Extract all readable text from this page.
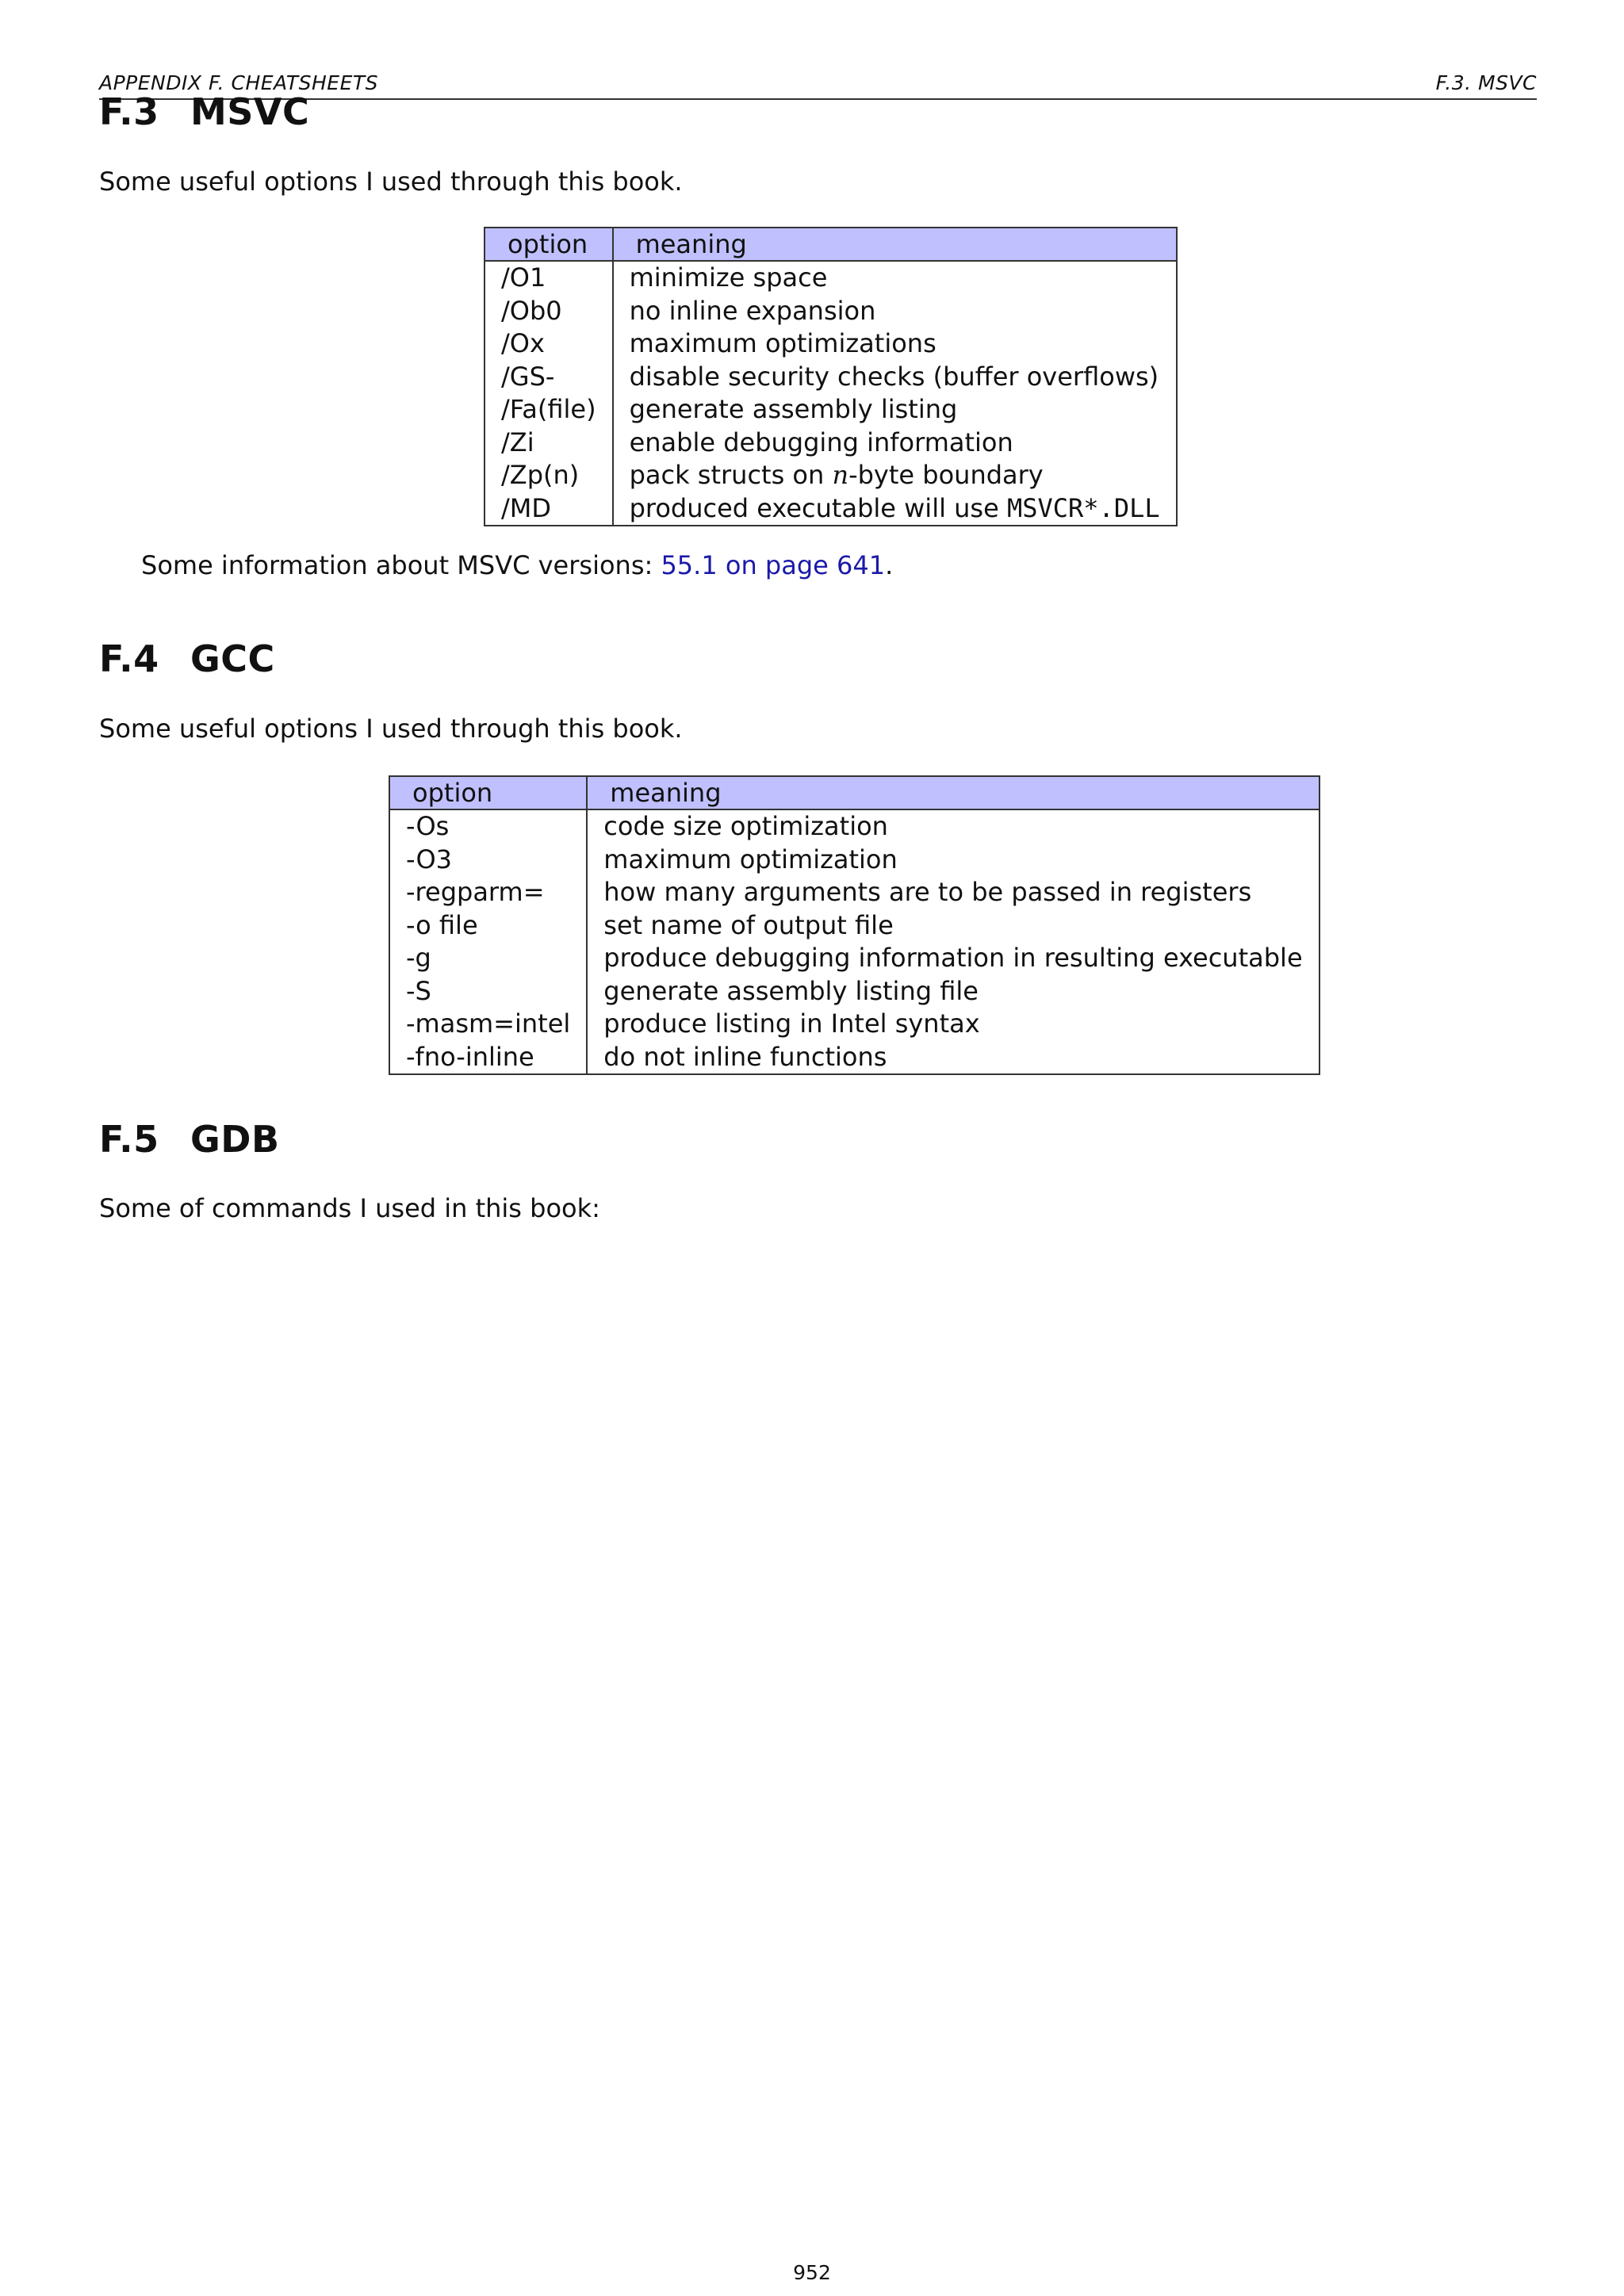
APPENDIX F. CHEATSHEETS	F.3. MSVC
F.3 MSVC

Some useful options I used through this book.

option	meaning
/O1	minimize space
/Ob0	no inline expansion
/Ox	maximum optimizations
/GS-	disable security checks (buffer overflows)
/Fa(file)	generate assembly listing
/Zi	enable debugging information
/Zp(n)	pack structs on n-byte boundary
/MD	produced executable will use MSVCR*.DLL

Some information about MSVC versions: 55.1 on page 641.

F.4 GCC

Some useful options I used through this book.

option	meaning
-Os	code size optimization
-O3	maximum optimization
-regparm=	how many arguments are to be passed in registers
-o file	set name of output file
-g	produce debugging information in resulting executable
-S	generate assembly listing file
-masm=intel	produce listing in Intel syntax
-fno-inline	do not inline functions
F.5 GDB

Some of commands I used in this book:

952
